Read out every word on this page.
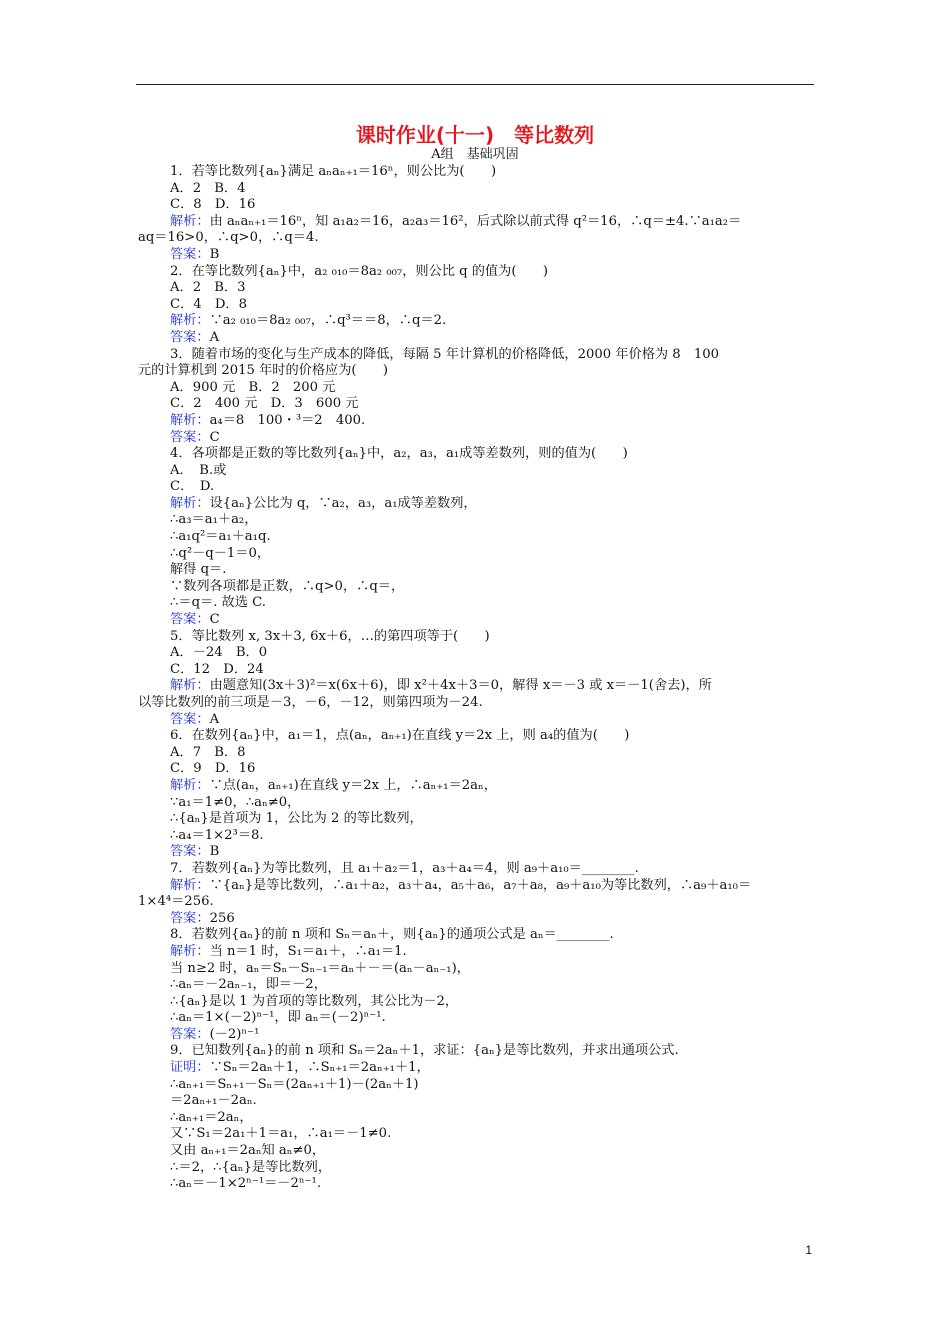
课时作业(十一)　等比数列
A组　基础巩固
1．若等比数列{aₙ}满足 aₙaₙ₊₁＝16ⁿ，则公比为(　　)
A．2　B．4
C．8　D．16
解析：由 aₙaₙ₊₁＝16ⁿ，知 a₁a₂＝16，a₂a₃＝16²，后式除以前式得 q²＝16，∴q＝±4.∵a₁a₂＝
aq＝16>0，∴q>0，∴q＝4.
答案：B
2．在等比数列{aₙ}中，a₂ ₀₁₀＝8a₂ ₀₀₇，则公比 q 的值为(　　)
A．2　B．3
C．4　D．8
解析：∵a₂ ₀₁₀＝8a₂ ₀₀₇，∴q³＝＝8，∴q＝2.
答案：A
3．随着市场的变化与生产成本的降低，每隔 5 年计算机的价格降低，2000 年价格为 8　100
元的计算机到 2015 年时的价格应为(　　)
A．900 元　B．2　200 元
C．2　400 元　D．3　600 元
解析：a₄＝8　100・³＝2　400.
答案：C
4．各项都是正数的等比数列{aₙ}中，a₂，a₃，a₁成等差数列，则的值为(　　)
A．　B.或
C．　D.
解析：设{aₙ}公比为 q，∵a₂，a₃，a₁成等差数列，
∴a₃＝a₁＋a₂，
∴a₁q²＝a₁＋a₁q.
∴q²－q－1＝0，
解得 q＝.
∵数列各项都是正数，∴q>0，∴q＝，
∴＝q＝. 故选 C.
答案：C
5．等比数列 x, 3x＋3, 6x＋6，…的第四项等于(　　)
A．－24　B．0
C．12　D．24
解析：由题意知(3x＋3)²＝x(6x＋6)，即 x²＋4x＋3＝0，解得 x＝－3 或 x＝－1(舍去)，所
以等比数列的前三项是－3，－6，－12，则第四项为－24.
答案：A
6．在数列{aₙ}中，a₁＝1，点(aₙ，aₙ₊₁)在直线 y＝2x 上，则 a₄的值为(　　)
A．7　B．8
C．9　D．16
解析：∵点(aₙ，aₙ₊₁)在直线 y＝2x 上，∴aₙ₊₁＝2aₙ，
∵a₁＝1≠0，∴aₙ≠0，
∴{aₙ}是首项为 1，公比为 2 的等比数列，
∴a₄＝1×2³＝8.
答案：B
7．若数列{aₙ}为等比数列，且 a₁＋a₂＝1，a₃＋a₄＝4，则 a₉＋a₁₀＝________.
解析：∵{aₙ}是等比数列，∴a₁＋a₂，a₃＋a₄，a₅＋a₆，a₇＋a₈，a₉＋a₁₀为等比数列，∴a₉＋a₁₀＝
1×4⁴＝256.
答案：256
8．若数列{aₙ}的前 n 项和 Sₙ＝aₙ＋，则{aₙ}的通项公式是 aₙ＝________.
解析：当 n＝1 时，S₁＝a₁＋，∴a₁＝1.
当 n≥2 时，aₙ＝Sₙ－Sₙ₋₁＝aₙ＋－＝(aₙ－aₙ₋₁)，
∴aₙ＝－2aₙ₋₁，即＝－2，
∴{aₙ}是以 1 为首项的等比数列，其公比为－2，
∴aₙ＝1×(－2)ⁿ⁻¹，即 aₙ＝(－2)ⁿ⁻¹.
答案：(－2)ⁿ⁻¹
9．已知数列{aₙ}的前 n 项和 Sₙ＝2aₙ＋1，求证：{aₙ}是等比数列，并求出通项公式.
证明：∵Sₙ＝2aₙ＋1，∴Sₙ₊₁＝2aₙ₊₁＋1，
∴aₙ₊₁＝Sₙ₊₁－Sₙ＝(2aₙ₊₁＋1)－(2aₙ＋1)
＝2aₙ₊₁－2aₙ.
∴aₙ₊₁＝2aₙ，
又∵S₁＝2a₁＋1＝a₁，∴a₁＝－1≠0.
又由 aₙ₊₁＝2aₙ知 aₙ≠0，
∴＝2，∴{aₙ}是等比数列，
∴aₙ＝－1×2ⁿ⁻¹＝－2ⁿ⁻¹.
1
